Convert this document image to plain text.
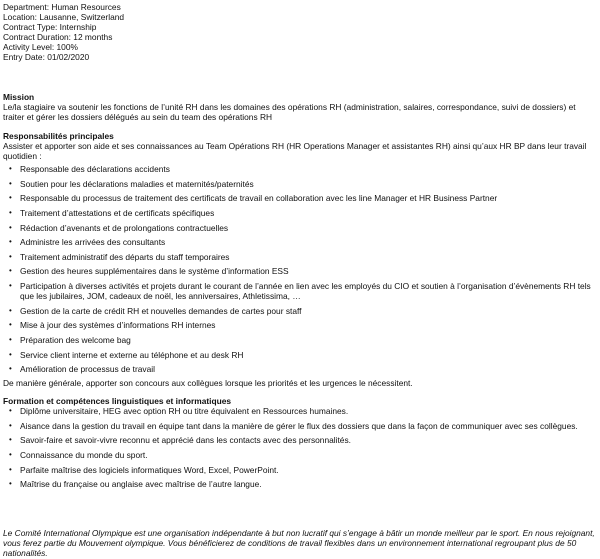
Department: Human Resources

Location: Lausanne, Switzerland

Contract Type: Internship

Contract Duration: 12 months

Activity Level: 100%

Entry Date: 01/02/2020

Mission

Le/la stagiaire va soutenir les fonctions de l’unité RH dans les domaines des opérations RH (administration, salaires, correspondance, suivi de dossiers) et traiter et gérer les dossiers délégués au sein du team des opérations RH

Responsabilités principales

Assister et apporter son aide et ses connaissances au Team Opérations RH (HR Operations Manager et assistantes RH) ainsi qu’aux HR BP dans leur travail quotidien :

• Responsable des déclarations accidents
• Soutien pour les déclarations maladies et maternités/paternités
• Responsable du processus de traitement des certificats de travail en collaboration avec les line Manager et HR Business Partner
• Traitement d’attestations et de certificats spécifiques
• Rédaction d’avenants et de prolongations contractuelles
• Administre les arrivées des consultants
• Traitement administratif des départs du staff temporaires
• Gestion des heures supplémentaires dans le système d’information ESS
• Participation à diverses activités et projets durant le courant de l’année en lien avec les employés du CIO et soutien à l’organisation d’évènements RH tels que les jubilaires, JOM, cadeaux de noël, les anniversaires, Athletissima, …
• Gestion de la carte de crédit RH et nouvelles demandes de cartes pour staff
• Mise à jour des systèmes d’informations RH internes
• Préparation des welcome bag
• Service client interne et externe au téléphone et au desk RH
• Amélioration de processus de travail

De manière générale, apporter son concours aux collègues lorsque les priorités et les urgences le nécessitent.

Formation et compétences linguistiques et informatiques

• Diplôme universitaire, HEG avec option RH ou titre équivalent en Ressources humaines.
• Aisance dans la gestion du travail en équipe tant dans la manière de gérer le flux des dossiers que dans la façon de communiquer avec ses collègues.
• Savoir-faire et savoir-vivre reconnu et apprécié dans les contacts avec des personnalités.
• Connaissance du monde du sport.
• Parfaite maîtrise des logiciels informatiques Word, Excel, PowerPoint.
• Maîtrise du française ou anglaise avec maîtrise de l’autre langue.

Le Comité International Olympique est une organisation indépendante à but non lucratif qui s’engage à bâtir un monde meilleur par le sport. En nous rejoignant, vous ferez partie du Mouvement olympique. Vous bénéficierez de conditions de travail flexibles dans un environnement international regroupant plus de 50 nationalités.
